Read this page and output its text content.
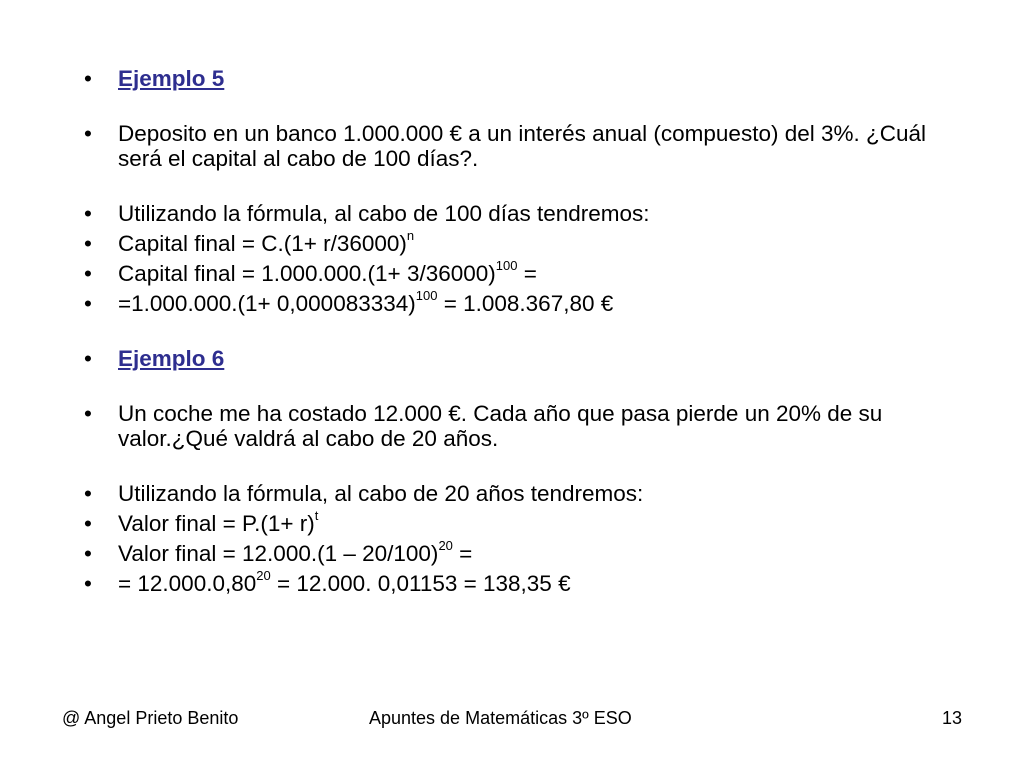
• Ejemplo 5
• Deposito en un banco 1.000.000 € a un interés anual (compuesto) del 3%. ¿Cuál será el capital al cabo de 100 días?.
• Utilizando la fórmula, al cabo de 100 días tendremos:
• Capital final = $C.(1+ r/36000)^n$
• Capital final = $1.000.000.(1+ 3/36000)^{100}$ =
• $=1.000.000.(1+ 0,000083334)^{100} = 1.008.367,80$ €
• Ejemplo 6
• Un coche me ha costado 12.000 €. Cada año que pasa pierde un 20% de su valor.¿Qué valdrá al cabo de 20 años.
• Utilizando la fórmula, al cabo de 20 años tendremos:
• Valor final = $P.(1+ r)^t$
• Valor final = 12.000.(1 – 20/100)$^{20}$ =
• = $12.000.0,80^{20} = 12.000$. 0,01153 = 138,35 €
@ Angel Prieto Benito	Apuntes de Matemáticas 3º ESO	13
